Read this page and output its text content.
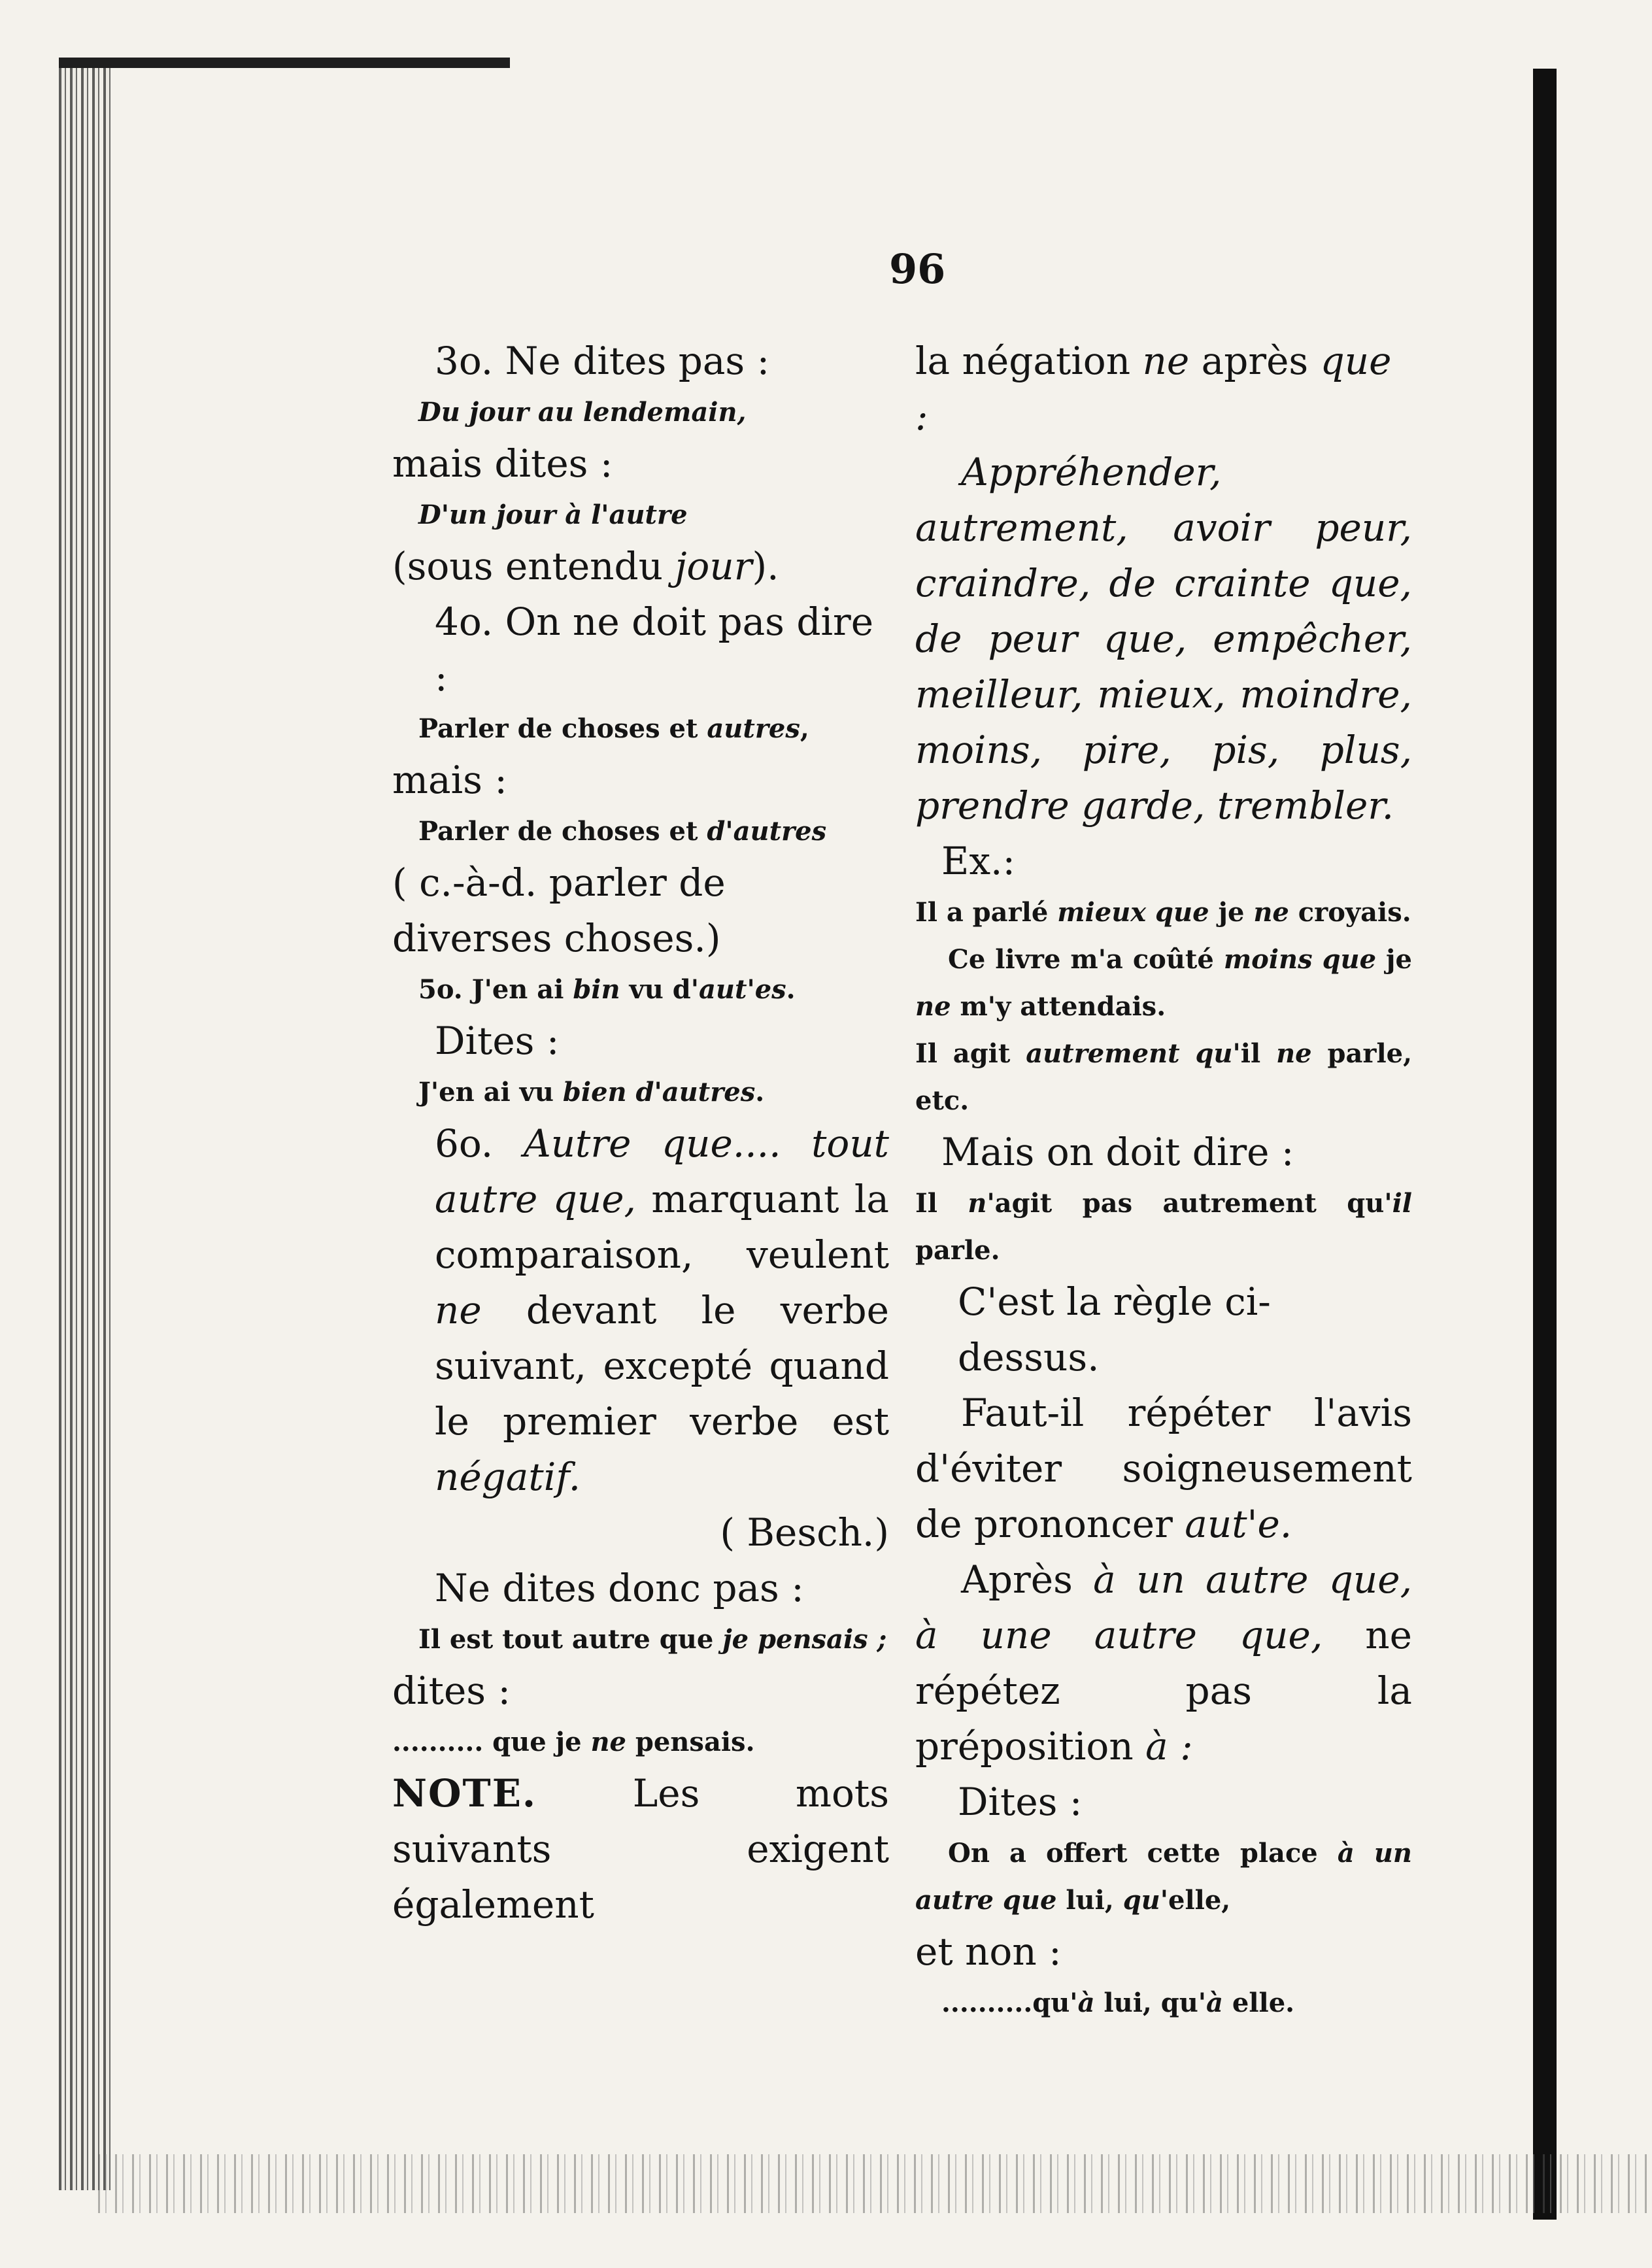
96
3o. Ne dites pas :
Du jour au lendemain,
mais dites :
D'un jour à l'autre
(sous entendu jour).
4o. On ne doit pas dire :
Parler de choses et autres,
mais :
Parler de choses et d'autres
( c.-à-d. parler de diverses choses.)
5o. J'en ai bin vu d'aut'es.
Dites :
J'en ai vu bien d'autres.
6o. Autre que.... tout autre que, marquant la comparaison, veulent ne devant le verbe suivant, excepté quand le premier verbe est négatif.
( Besch.)
Ne dites donc pas :
Il est tout autre que je pensais ;
dites :
.......... que je ne pensais.
NOTE. Les mots suivants exigent également
la négation ne après que :
Appréhender, autrement, avoir peur, craindre, de crainte que, de peur que, empêcher, meilleur, mieux, moindre, moins, pire, pis, plus, prendre garde, trembler.
Ex.:
Il a parlé mieux que je ne croyais.
Ce livre m'a coûté moins que je ne m'y attendais.
Il agit autrement qu'il ne parle, etc.
Mais on doit dire :
Il n'agit pas autrement qu'il parle.
C'est la règle ci-dessus.
Faut-il répéter l'avis d'éviter soigneusement de prononcer aut'e.
Après à un autre que, à une autre que, ne répétez pas la préposition à :
Dites :
On a offert cette place à un autre que lui, qu'elle,
et non :
..........qu'à lui, qu'à elle.
